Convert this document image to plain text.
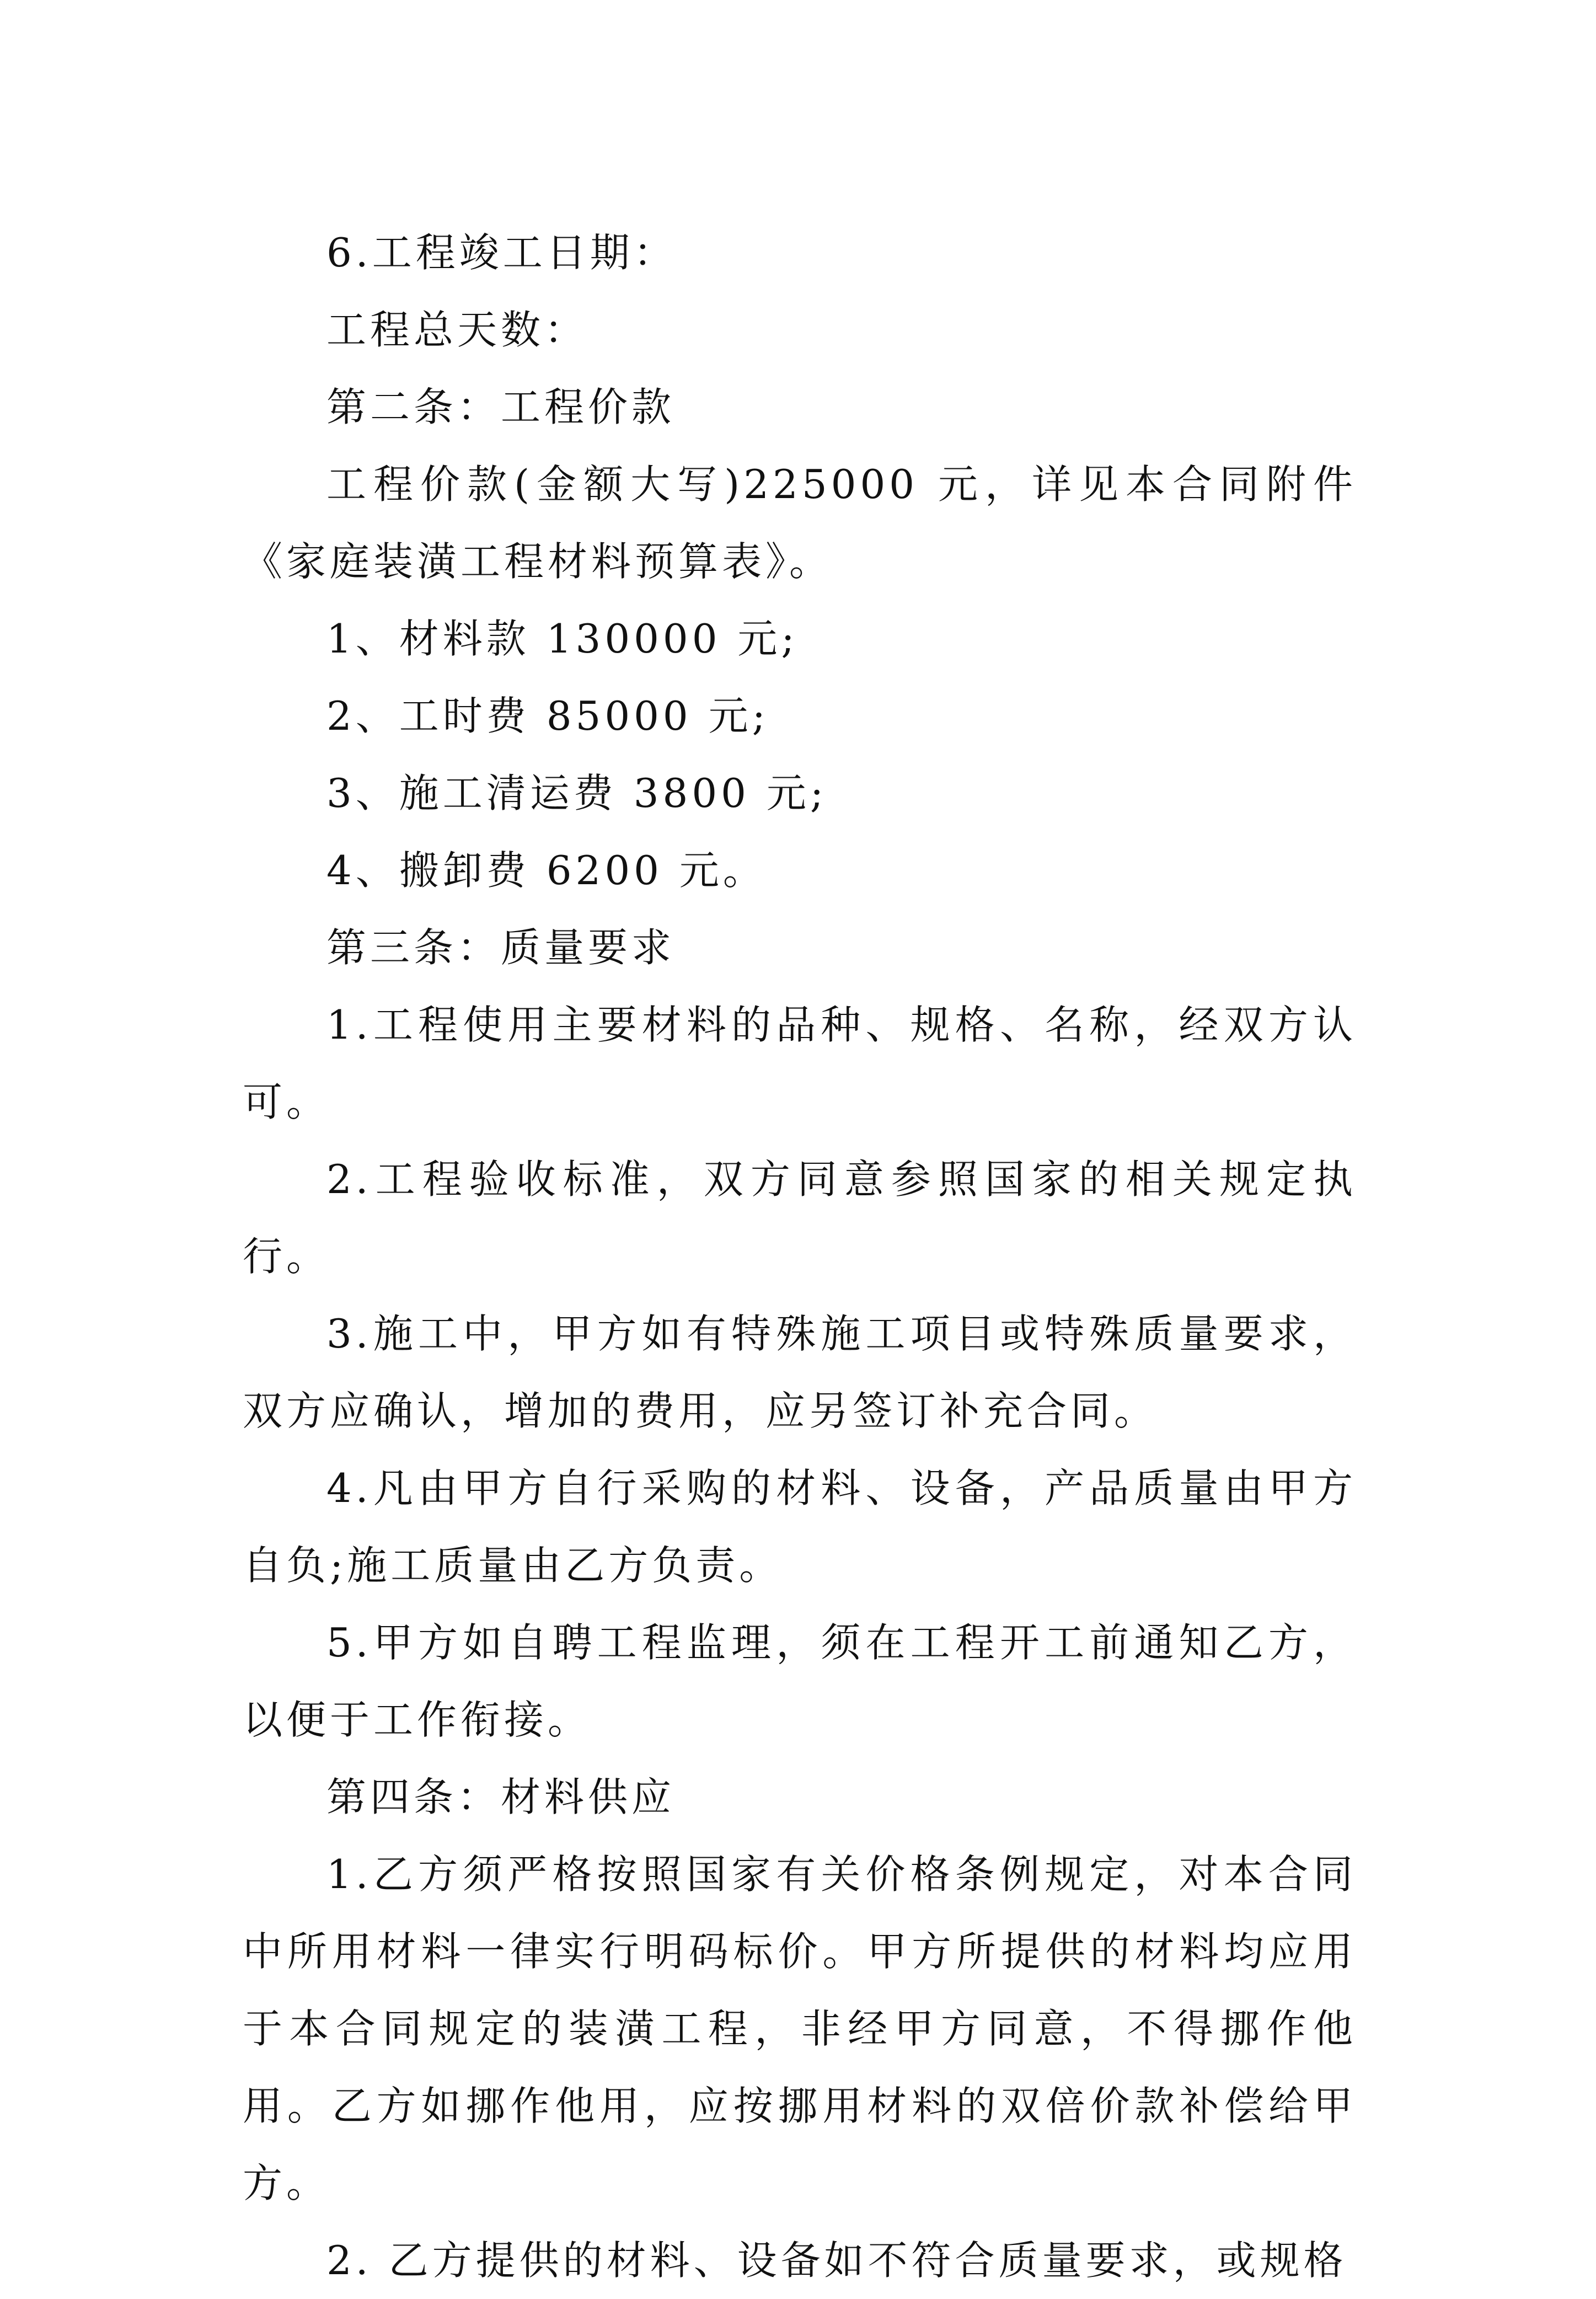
6.工程竣工日期：

工程总天数：

第二条：工程价款

工程价款(金额大写)225000 元，详见本合同附件《家庭装潢工程材料预算表》。

1、材料款 130000 元;

2、工时费 85000 元;

3、施工清运费 3800 元;

4、搬卸费 6200 元。

第三条：质量要求

1.工程使用主要材料的品种、规格、名称，经双方认可。

2.工程验收标准，双方同意参照国家的相关规定执行。

3.施工中，甲方如有特殊施工项目或特殊质量要求，双方应确认，增加的费用，应另签订补充合同。

4.凡由甲方自行采购的材料、设备，产品质量由甲方自负;施工质量由乙方负责。

5.甲方如自聘工程监理，须在工程开工前通知乙方，以便于工作衔接。

第四条：材料供应

1.乙方须严格按照国家有关价格条例规定，对本合同中所用材料一律实行明码标价。甲方所提供的材料均应用于本合同规定的装潢工程，非经甲方同意，不得挪作他用。乙方如挪作他用，应按挪用材料的双倍价款补偿给甲方。

2. 乙方提供的材料、设备如不符合质量要求，或规格
